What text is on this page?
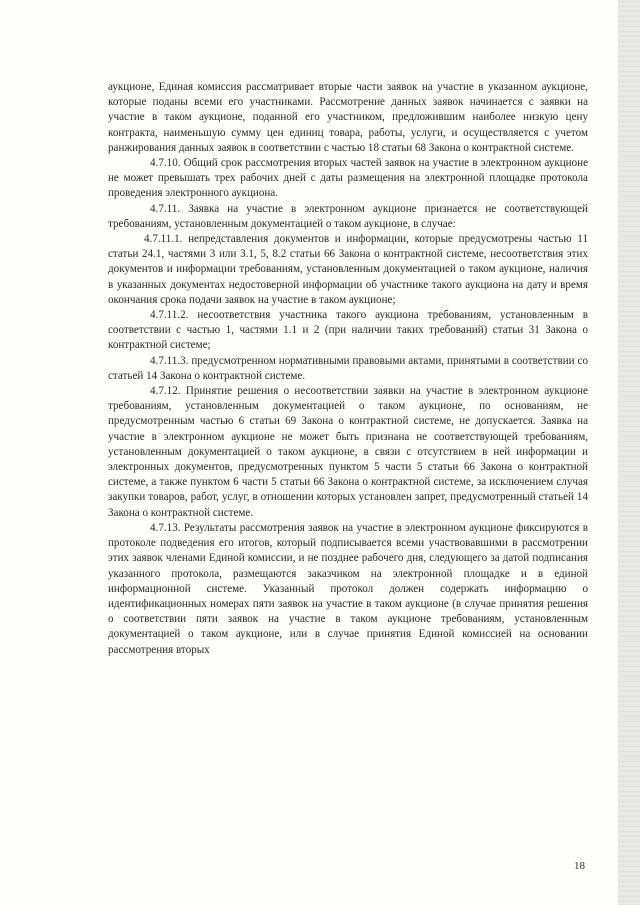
аукционе, Единая комиссия рассматривает вторые части заявок на участие в указанном аукционе, которые поданы всеми его участниками. Рассмотрение данных заявок начинается с заявки на участие в таком аукционе, поданной его участником, предложившим наиболее низкую цену контракта, наименьшую сумму цен единиц товара, работы, услуги, и осуществляется с учетом ранжирования данных заявок в соответствии с частью 18 статьи 68 Закона о контрактной системе.

4.7.10. Общий срок рассмотрения вторых частей заявок на участие в электронном аукционе не может превышать трех рабочих дней с даты размещения на электронной площадке протокола проведения электронного аукциона.

4.7.11. Заявка на участие в электронном аукционе признается не соответствующей требованиям, установленным документацией о таком аукционе, в случае:

4.7.11.1. непредставления документов и информации, которые предусмотрены частью 11 статьи 24.1, частями 3 или 3.1, 5, 8.2 статьи 66 Закона о контрактной системе, несоответствия этих документов и информации требованиям, установленным документацией о таком аукционе, наличия в указанных документах недостоверной информации об участнике такого аукциона на дату и время окончания срока подачи заявок на участие в таком аукционе;

4.7.11.2. несоответствия участника такого аукциона требованиям, установленным в соответствии с частью 1, частями 1.1 и 2 (при наличии таких требований) статьи 31 Закона о контрактной системе;

4.7.11.3. предусмотренном нормативными правовыми актами, принятыми в соответствии со статьей 14 Закона о контрактной системе.

4.7.12. Принятие решения о несоответствии заявки на участие в электронном аукционе требованиям, установленным документацией о таком аукционе, по основаниям, не предусмотренным частью 6 статьи 69 Закона о контрактной системе, не допускается. Заявка на участие в электронном аукционе не может быть признана не соответствующей требованиям, установленным документацией о таком аукционе, в связи с отсутствием в ней информации и электронных документов, предусмотренных пунктом 5 части 5 статьи 66 Закона о контрактной системе, а также пунктом 6 части 5 статьи 66 Закона о контрактной системе, за исключением случая закупки товаров, работ, услуг, в отношении которых установлен запрет, предусмотренный статьей 14 Закона о контрактной системе.

4.7.13. Результаты рассмотрения заявок на участие в электронном аукционе фиксируются в протоколе подведения его итогов, который подписывается всеми участвовавшими в рассмотрении этих заявок членами Единой комиссии, и не позднее рабочего дня, следующего за датой подписания указанного протокола, размещаются заказчиком на электронной площадке и в единой информационной системе. Указанный протокол должен содержать информацию о идентификационных номерах пяти заявок на участие в таком аукционе (в случае принятия решения о соответствии пяти заявок на участие в таком аукционе требованиям, установленным документацией о таком аукционе, или в случае принятия Единой комиссией на основании рассмотрения вторых

18
